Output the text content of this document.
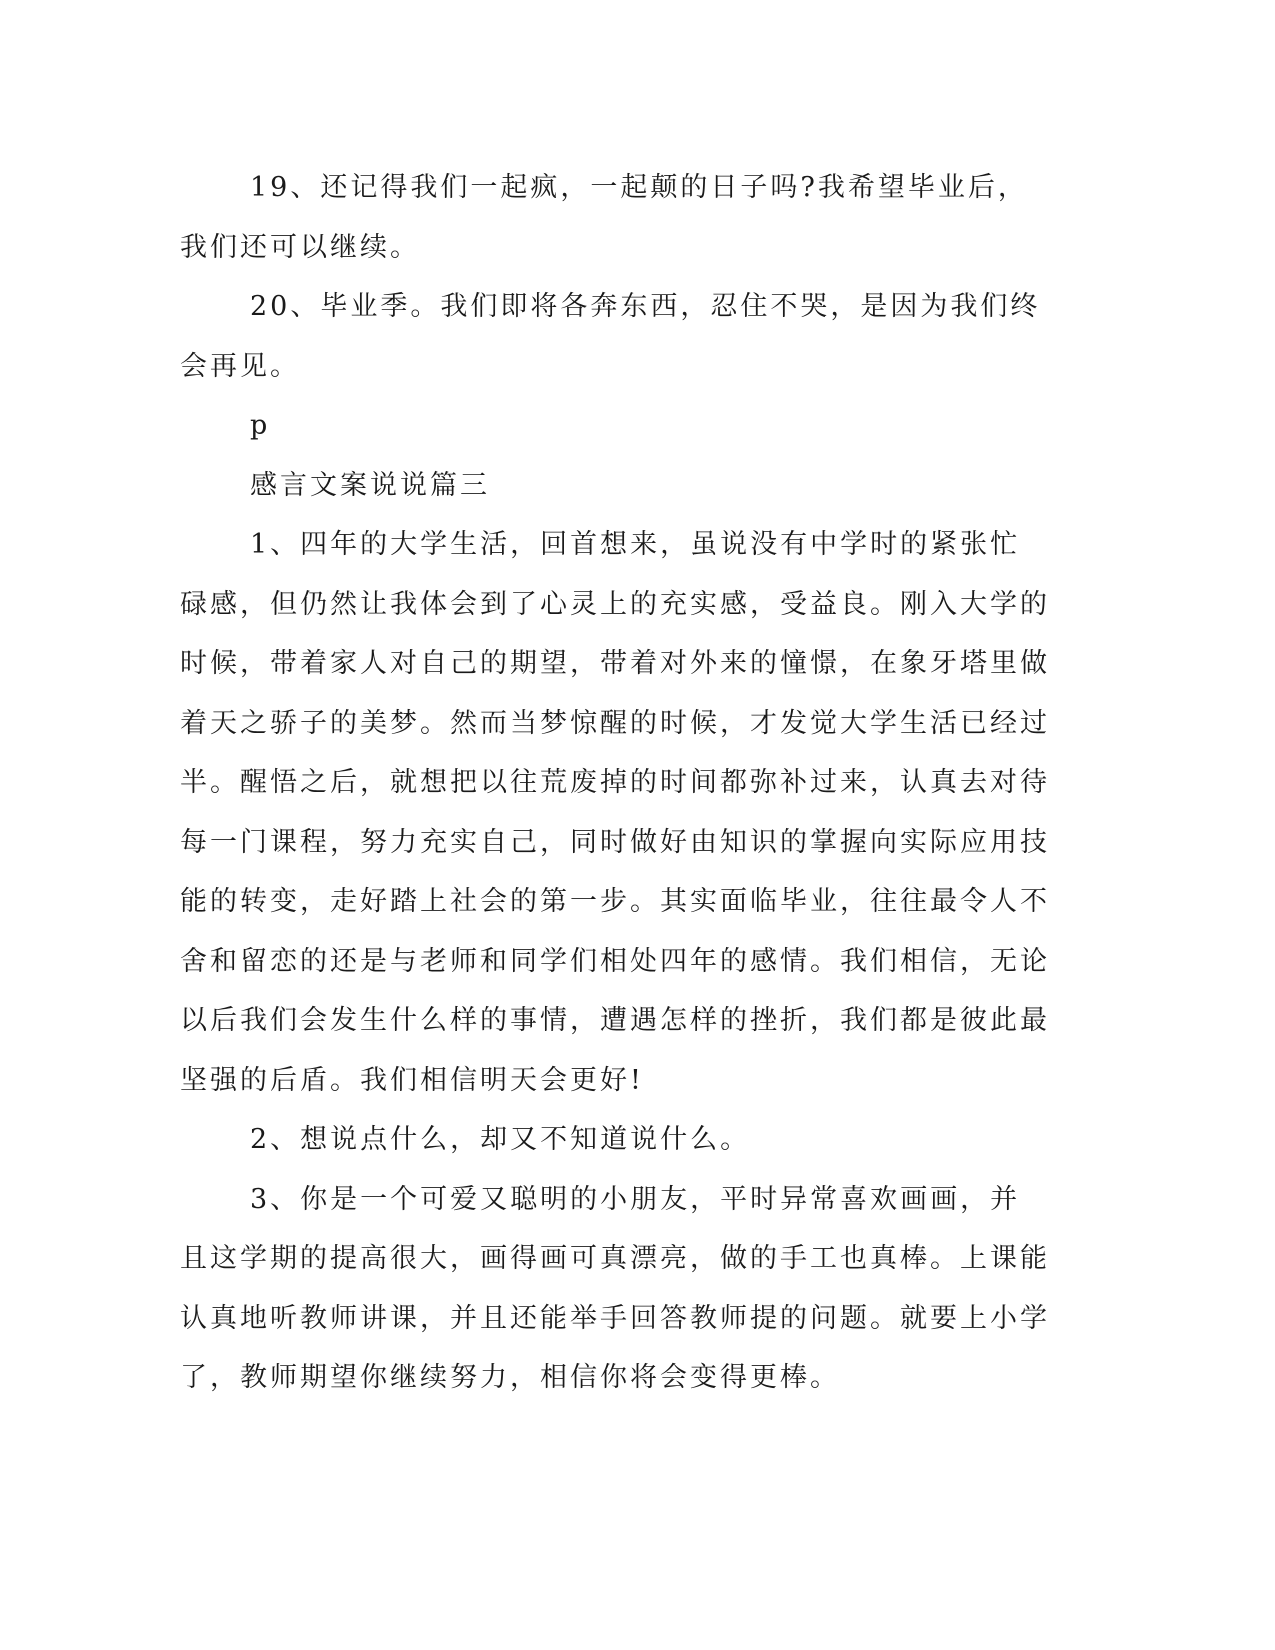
19、还记得我们一起疯，一起颠的日子吗?我希望毕业后，我们还可以继续。

20、毕业季。我们即将各奔东西，忍住不哭，是因为我们终会再见。

p

感言文案说说篇三

1、四年的大学生活，回首想来，虽说没有中学时的紧张忙碌感，但仍然让我体会到了心灵上的充实感，受益良。刚入大学的时候，带着家人对自己的期望，带着对外来的憧憬，在象牙塔里做着天之骄子的美梦。然而当梦惊醒的时候，才发觉大学生活已经过半。醒悟之后，就想把以往荒废掉的时间都弥补过来，认真去对待每一门课程，努力充实自己，同时做好由知识的掌握向实际应用技能的转变，走好踏上社会的第一步。其实面临毕业，往往最令人不舍和留恋的还是与老师和同学们相处四年的感情。我们相信，无论以后我们会发生什么样的事情，遭遇怎样的挫折，我们都是彼此最坚强的后盾。我们相信明天会更好!

2、想说点什么，却又不知道说什么。

3、你是一个可爱又聪明的小朋友，平时异常喜欢画画，并且这学期的提高很大，画得画可真漂亮，做的手工也真棒。上课能认真地听教师讲课，并且还能举手回答教师提的问题。就要上小学了，教师期望你继续努力，相信你将会变得更棒。
